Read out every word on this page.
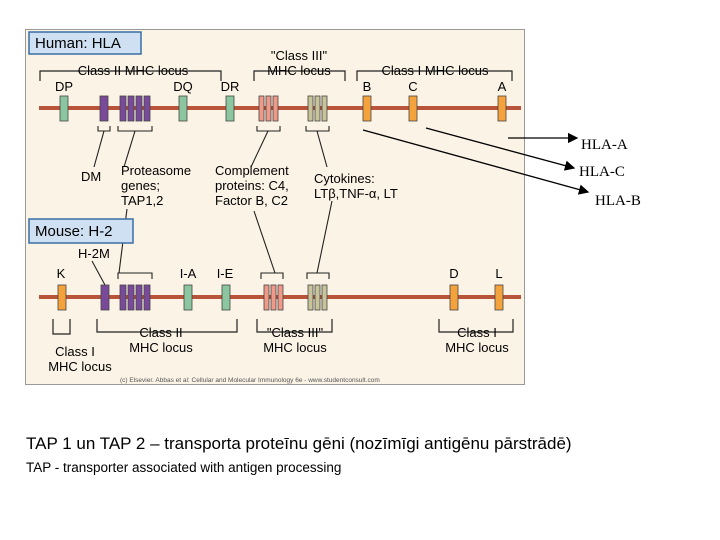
Human: HLA
Class II MHC locus
"Class III"
MHC locus	Class I MHC locus
DP	DQ DR	B	C	A
DM Proteasome
genes;
TAP1,2
Complement
proteins: C4,
Factor B, C2
Cytokines:
LTβ,TNF-α, LT
Mouse: H-2
H-2M
K	I-A I-E	D	L
Class I
MHC locus
Class II
MHC locus
"Class III"
MHC locus
Class I
MHC locus
(c) Elsevier. Abbas et al: Cellular and Molecular Immunology 6e - www.studentconsult.com
HLA-A
HLA-C
HLA-B
TAP 1 un TAP 2 – transporta proteīnu gēni (nozīmīgi antigēnu pārstrādē)
TAP - transporter associated with antigen processing
